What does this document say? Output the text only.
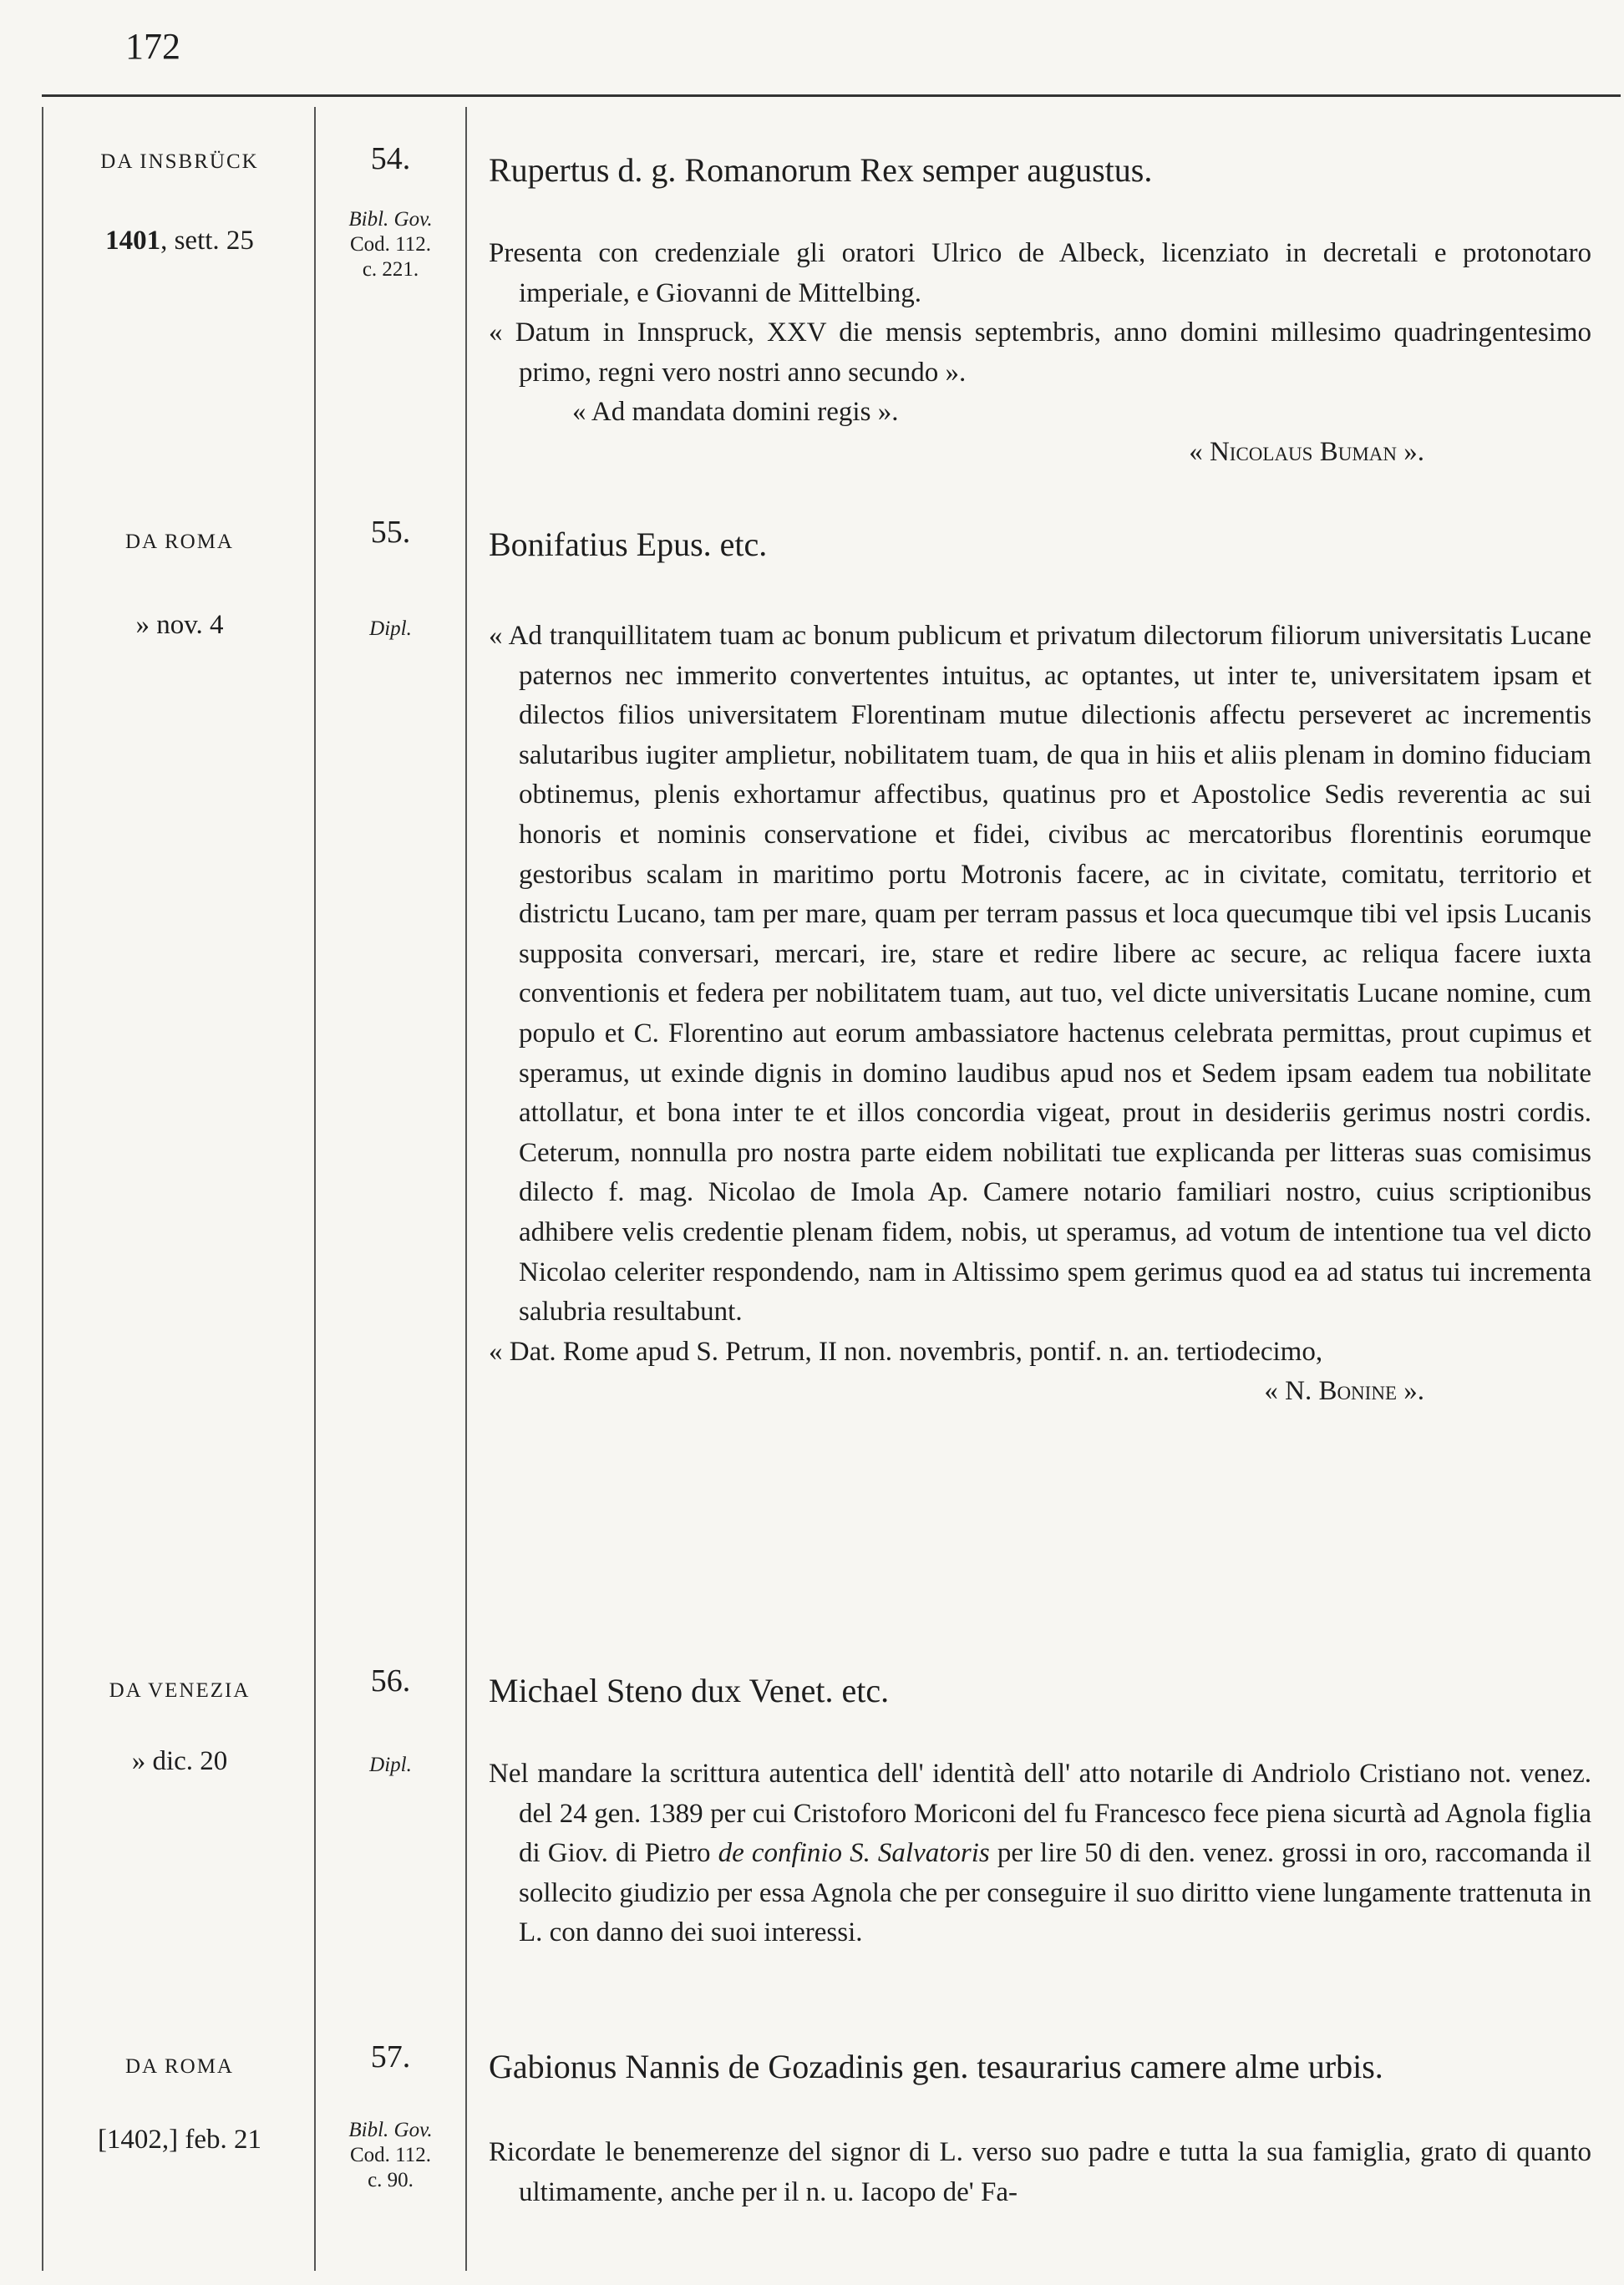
172
DA INSBRÜCK
1401, sett. 25
54.
Bibl. Gov.
Cod. 112.
c. 221.
Rupertus d. g. Romanorum Rex semper augustus.

Presenta con credenziale gli oratori Ulrico de Albeck, licenziato in decretali e protonotaro imperiale, e Giovanni de Mittelbing.

« Datum in Innspruck, XXV die mensis septembris, anno domini millesimo quadringentesimo primo, regni vero nostri anno secundo ».

« Ad mandata domini regis ».

« Nicolaus Buman ».

DA ROMA
» nov. 4
55.
Dipl.
Bonifatius Epus. etc.

« Ad tranquillitatem tuam ac bonum publicum et privatum dilectorum filiorum universitatis Lucane paternos nec immerito convertentes intuitus, ac optantes, ut inter te, universitatem ipsam et dilectos filios universitatem Florentinam mutue dilectionis affectu perseveret ac incrementis salutaribus iugiter amplietur, nobilitatem tuam, de qua in hiis et aliis plenam in domino fiduciam obtinemus, plenis exhortamur affectibus, quatinus pro et Apostolice Sedis reverentia ac sui honoris et nominis conservatione et fidei, civibus ac mercatoribus florentinis eorumque gestoribus scalam in maritimo portu Motronis facere, ac in civitate, comitatu, territorio et districtu Lucano, tam per mare, quam per terram passus et loca quecumque tibi vel ipsis Lucanis supposita conversari, mercari, ire, stare et redire libere ac secure, ac reliqua facere iuxta conventionis et federa per nobilitatem tuam, aut tuo, vel dicte universitatis Lucane nomine, cum populo et C. Florentino aut eorum ambassiatore hactenus celebrata permittas, prout cupimus et speramus, ut exinde dignis in domino laudibus apud nos et Sedem ipsam eadem tua nobilitate attollatur, et bona inter te et illos concordia vigeat, prout in desideriis gerimus nostri cordis. Ceterum, nonnulla pro nostra parte eidem nobilitati tue explicanda per litteras suas comisimus dilecto f. mag. Nicolao de Imola Ap. Camere notario familiari nostro, cuius scriptionibus adhibere velis credentie plenam fidem, nobis, ut speramus, ad votum de intentione tua vel dicto Nicolao celeriter respondendo, nam in Altissimo spem gerimus quod ea ad status tui incrementa salubria resultabunt.

« Dat. Rome apud S. Petrum, II non. novembris, pontif. n. an. tertiodecimo,

« N. Bonine ».

DA VENEZIA
» dic. 20
56.
Dipl.
Michael Steno dux Venet. etc.

Nel mandare la scrittura autentica dell' identità dell' atto notarile di Andriolo Cristiano not. venez. del 24 gen. 1389 per cui Cristoforo Moriconi del fu Francesco fece piena sicurtà ad Agnola figlia di Giov. di Pietro de confinio S. Salvatoris per lire 50 di den. venez. grossi in oro, raccomanda il sollecito giudizio per essa Agnola che per conseguire il suo diritto viene lungamente trattenuta in L. con danno dei suoi interessi.

DA ROMA
[1402,] feb. 21
57.
Bibl. Gov.
Cod. 112.
c. 90.
Gabionus Nannis de Gozadinis gen. tesaurarius camere alme urbis.

Ricordate le benemerenze del signor di L. verso suo padre e tutta la sua famiglia, grato di quanto ultimamente, anche per il n. u. Iacopo de' Fa-
